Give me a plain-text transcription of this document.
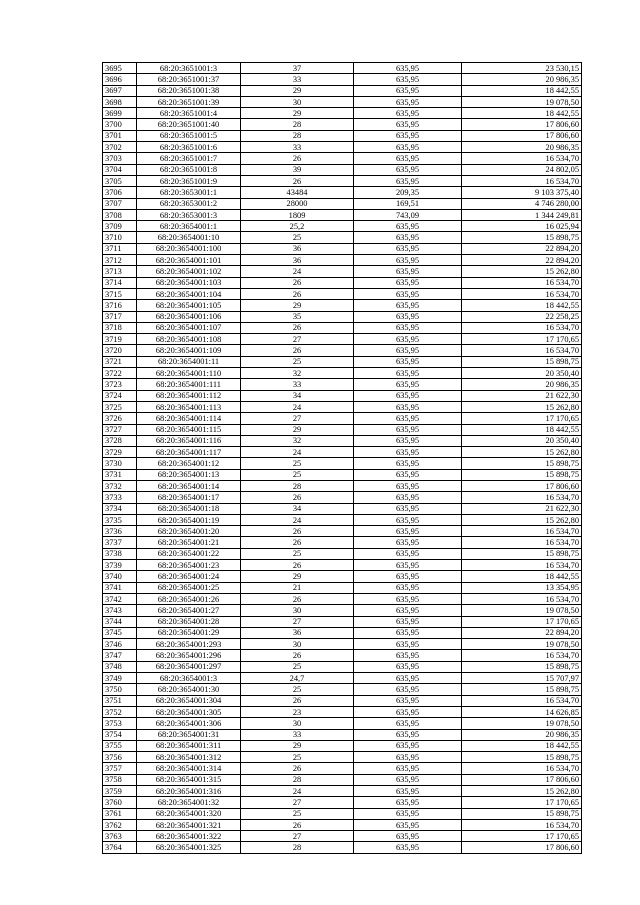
3695	68:20:3651001:3	37	635,95	23 530,15
3696	68:20:3651001:37	33	635,95	20 986,35
3697	68:20:3651001:38	29	635,95	18 442,55
3698	68:20:3651001:39	30	635,95	19 078,50
3699	68:20:3651001:4	29	635,95	18 442,55
3700	68:20:3651001:40	28	635,95	17 806,60
3701	68:20:3651001:5	28	635,95	17 806,60
3702	68:20:3651001:6	33	635,95	20 986,35
3703	68:20:3651001:7	26	635,95	16 534,70
3704	68:20:3651001:8	39	635,95	24 802,05
3705	68:20:3651001:9	26	635,95	16 534,70
3706	68:20:3653001:1	43484	209,35	9 103 375,40
3707	68:20:3653001:2	28000	169,51	4 746 280,00
3708	68:20:3653001:3	1809	743,09	1 344 249,81
3709	68:20:3654001:1	25,2	635,95	16 025,94
3710	68:20:3654001:10	25	635,95	15 898,75
3711	68:20:3654001:100	36	635,95	22 894,20
3712	68:20:3654001:101	36	635,95	22 894,20
3713	68:20:3654001:102	24	635,95	15 262,80
3714	68:20:3654001:103	26	635,95	16 534,70
3715	68:20:3654001:104	26	635,95	16 534,70
3716	68:20:3654001:105	29	635,95	18 442,55
3717	68:20:3654001:106	35	635,95	22 258,25
3718	68:20:3654001:107	26	635,95	16 534,70
3719	68:20:3654001:108	27	635,95	17 170,65
3720	68:20:3654001:109	26	635,95	16 534,70
3721	68:20:3654001:11	25	635,95	15 898,75
3722	68:20:3654001:110	32	635,95	20 350,40
3723	68:20:3654001:111	33	635,95	20 986,35
3724	68:20:3654001:112	34	635,95	21 622,30
3725	68:20:3654001:113	24	635,95	15 262,80
3726	68:20:3654001:114	27	635,95	17 170,65
3727	68:20:3654001:115	29	635,95	18 442,55
3728	68:20:3654001:116	32	635,95	20 350,40
3729	68:20:3654001:117	24	635,95	15 262,80
3730	68:20:3654001:12	25	635,95	15 898,75
3731	68:20:3654001:13	25	635,95	15 898,75
3732	68:20:3654001:14	28	635,95	17 806,60
3733	68:20:3654001:17	26	635,95	16 534,70
3734	68:20:3654001:18	34	635,95	21 622,30
3735	68:20:3654001:19	24	635,95	15 262,80
3736	68:20:3654001:20	26	635,95	16 534,70
3737	68:20:3654001:21	26	635,95	16 534,70
3738	68:20:3654001:22	25	635,95	15 898,75
3739	68:20:3654001:23	26	635,95	16 534,70
3740	68:20:3654001:24	29	635,95	18 442,55
3741	68:20:3654001:25	21	635,95	13 354,95
3742	68:20:3654001:26	26	635,95	16 534,70
3743	68:20:3654001:27	30	635,95	19 078,50
3744	68:20:3654001:28	27	635,95	17 170,65
3745	68:20:3654001:29	36	635,95	22 894,20
3746	68:20:3654001:293	30	635,95	19 078,50
3747	68:20:3654001:296	26	635,95	16 534,70
3748	68:20:3654001:297	25	635,95	15 898,75
3749	68:20:3654001:3	24,7	635,95	15 707,97
3750	68:20:3654001:30	25	635,95	15 898,75
3751	68:20:3654001:304	26	635,95	16 534,70
3752	68:20:3654001:305	23	635,95	14 626,85
3753	68:20:3654001:306	30	635,95	19 078,50
3754	68:20:3654001:31	33	635,95	20 986,35
3755	68:20:3654001:311	29	635,95	18 442,55
3756	68:20:3654001:312	25	635,95	15 898,75
3757	68:20:3654001:314	26	635,95	16 534,70
3758	68:20:3654001:315	28	635,95	17 806,60
3759	68:20:3654001:316	24	635,95	15 262,80
3760	68:20:3654001:32	27	635,95	17 170,65
3761	68:20:3654001:320	25	635,95	15 898,75
3762	68:20:3654001:321	26	635,95	16 534,70
3763	68:20:3654001:322	27	635,95	17 170,65
3764	68:20:3654001:325	28	635,95	17 806,60
